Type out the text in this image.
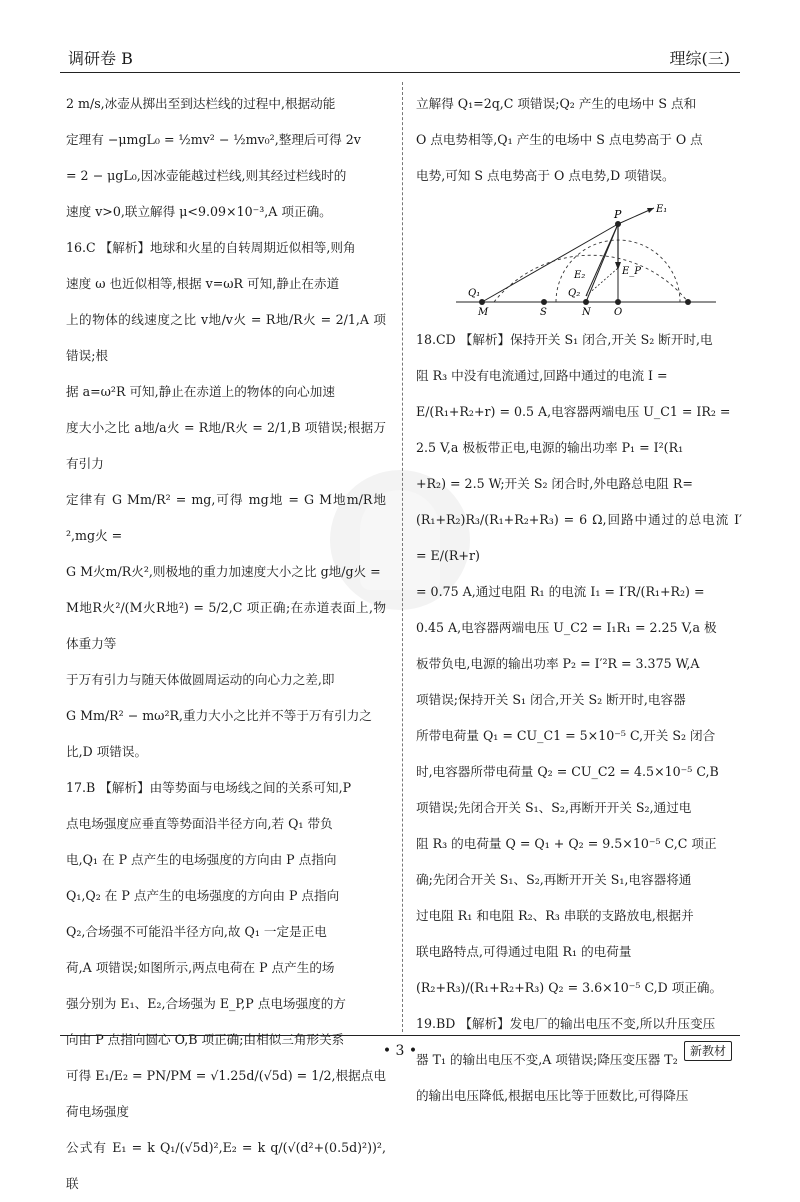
调研卷 B	理综(三)

2 m/s,冰壶从掷出至到达栏线的过程中,根据动能

定理有 −μmgL₀ = ½mv² − ½mv₀²,整理后可得 2v

= 2 − μgL₀,因冰壶能越过栏线,则其经过栏线时的

速度 v>0,联立解得 μ<9.09×10⁻³,A 项正确。

16.C 【解析】地球和火星的自转周期近似相等,则角

速度 ω 也近似相等,根据 v=ωR 可知,静止在赤道

上的物体的线速度之比 v地/v火 = R地/R火 = 2/1,A 项错误;根

据 a=ω²R 可知,静止在赤道上的物体的向心加速

度大小之比 a地/a火 = R地/R火 = 2/1,B 项错误;根据万有引力

定律有 G Mm/R² = mg,可得 mg地 = G M地m/R地²,mg火 =

G M火m/R火²,则极地的重力加速度大小之比 g地/g火 =

M地R火²/(M火R地²) = 5/2,C 项正确;在赤道表面上,物体重力等

于万有引力与随天体做圆周运动的向心力之差,即

G Mm/R² − mω²R,重力大小之比并不等于万有引力之

比,D 项错误。

17.B 【解析】由等势面与电场线之间的关系可知,P

点电场强度应垂直等势面沿半径方向,若 Q₁ 带负

电,Q₁ 在 P 点产生的电场强度的方向由 P 点指向

Q₁,Q₂ 在 P 点产生的电场强度的方向由 P 点指向

Q₂,合场强不可能沿半径方向,故 Q₁ 一定是正电

荷,A 项错误;如图所示,两点电荷在 P 点产生的场

强分别为 E₁、E₂,合场强为 E_P,P 点电场强度的方

向由 P 点指向圆心 O,B 项正确;由相似三角形关系

可得 E₁/E₂ = PN/PM = √1.25d/(√5d) = 1/2,根据点电荷电场强度

公式有 E₁ = k Q₁/(√5d)²,E₂ = k q/(√(d²+(0.5d)²))²,联

立解得 Q₁=2q,C 项错误;Q₂ 产生的电场中 S 点和

O 点电势相等,Q₁ 产生的电场中 S 点电势高于 O 点

电势,可知 S 点电势高于 O 点电势,D 项错误。

P	E₁
E₂	E_P
Q₁	Q₂
M	S	N O

18.CD 【解析】保持开关 S₁ 闭合,开关 S₂ 断开时,电

阻 R₃ 中没有电流通过,回路中通过的电流 I =

E/(R₁+R₂+r) = 0.5 A,电容器两端电压 U_C1 = IR₂ =

2.5 V,a 极板带正电,电源的输出功率 P₁ = I²(R₁

+R₂) = 2.5 W;开关 S₂ 闭合时,外电路总电阻 R=

(R₁+R₂)R₃/(R₁+R₂+R₃) = 6 Ω,回路中通过的总电流 I′ = E/(R+r)

= 0.75 A,通过电阻 R₁ 的电流 I₁ = I′R/(R₁+R₂) =

0.45 A,电容器两端电压 U_C2 = I₁R₁ = 2.25 V,a 极

板带负电,电源的输出功率 P₂ = I′²R = 3.375 W,A

项错误;保持开关 S₁ 闭合,开关 S₂ 断开时,电容器

所带电荷量 Q₁ = CU_C1 = 5×10⁻⁵ C,开关 S₂ 闭合

时,电容器所带电荷量 Q₂ = CU_C2 = 4.5×10⁻⁵ C,B

项错误;先闭合开关 S₁、S₂,再断开开关 S₂,通过电

阻 R₃ 的电荷量 Q = Q₁ + Q₂ = 9.5×10⁻⁵ C,C 项正

确;先闭合开关 S₁、S₂,再断开开关 S₁,电容器将通

过电阻 R₁ 和电阻 R₂、R₃ 串联的支路放电,根据并

联电路特点,可得通过电阻 R₁ 的电荷量

(R₂+R₃)/(R₁+R₂+R₃) Q₂ = 3.6×10⁻⁵ C,D 项正确。

19.BD 【解析】发电厂的输出电压不变,所以升压变压

器 T₁ 的输出电压不变,A 项错误;降压变压器 T₂

的输出电压降低,根据电压比等于匝数比,可得降压

• 3 •	新教材
